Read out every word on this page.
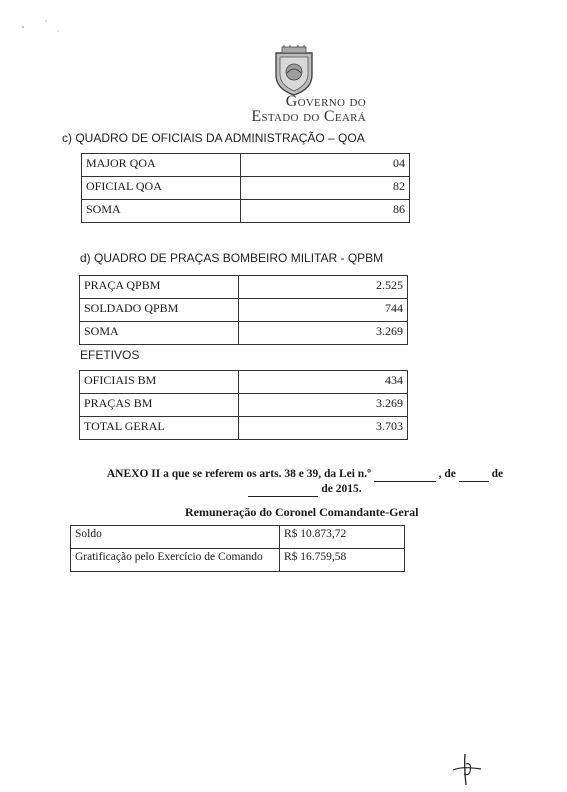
Governo do
Estado do Ceará
c) QUADRO DE OFICIAIS DA ADMINISTRAÇÃO – QOA
MAJOR QOA	04
OFICIAL QOA	82
SOMA	86
d) QUADRO DE PRAÇAS BOMBEIRO MILITAR - QPBM
PRAÇA QPBM	2.525
SOLDADO QPBM	744
SOMA	3.269
EFETIVOS
OFICIAIS BM	434
PRAÇAS BM	3.269
TOTAL GERAL	3.703
ANEXO II a que se referem os arts. 38 e 39, da Lei n.º	, de	de
de 2015.
Remuneração do Coronel Comandante-Geral
Soldo	R$ 10.873,72
Gratificação pelo Exercício de Comando	R$ 16.759,58
